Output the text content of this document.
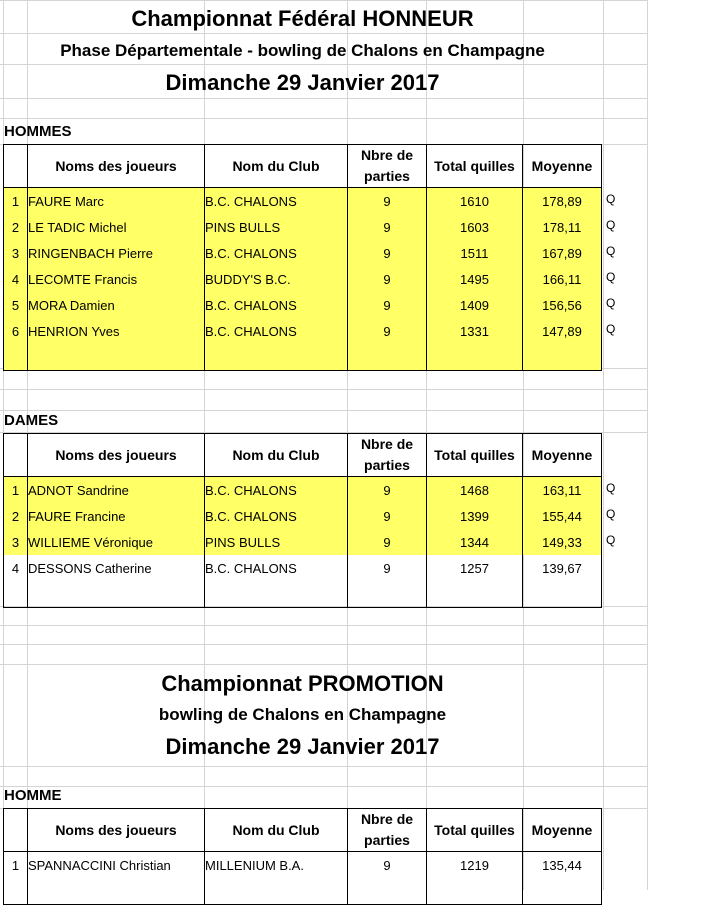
Championnat Fédéral HONNEUR
Phase Départementale - bowling de Chalons en Champagne
Dimanche 29 Janvier 2017
HOMMES
	Noms des joueurs	Nom du Club	Nbre de parties	Total quilles	Moyenne
1	FAURE Marc	B.C. CHALONS	9	1610	178,89
2	LE TADIC Michel	PINS BULLS	9	1603	178,11
3	RINGENBACH Pierre	B.C. CHALONS	9	1511	167,89
4	LECOMTE Francis	BUDDY'S B.C.	9	1495	166,11
5	MORA Damien	B.C. CHALONS	9	1409	156,56
6	HENRION Yves	B.C. CHALONS	9	1331	147,89

DAMES
	Noms des joueurs	Nom du Club	Nbre de parties	Total quilles	Moyenne
1	ADNOT Sandrine	B.C. CHALONS	9	1468	163,11
2	FAURE Francine	B.C. CHALONS	9	1399	155,44
3	WILLIEME Véronique	PINS BULLS	9	1344	149,33
4	DESSONS Catherine	B.C. CHALONS	9	1257	139,67

Championnat PROMOTION
bowling de Chalons en Champagne
Dimanche 29 Janvier 2017
HOMME
	Noms des joueurs	Nom du Club	Nbre de parties	Total quilles	Moyenne
1	SPANNACCINI Christian	MILLENIUM B.A.	9	1219	135,44

Q
Q
Q
Q
Q
Q
Q
Q
Q
